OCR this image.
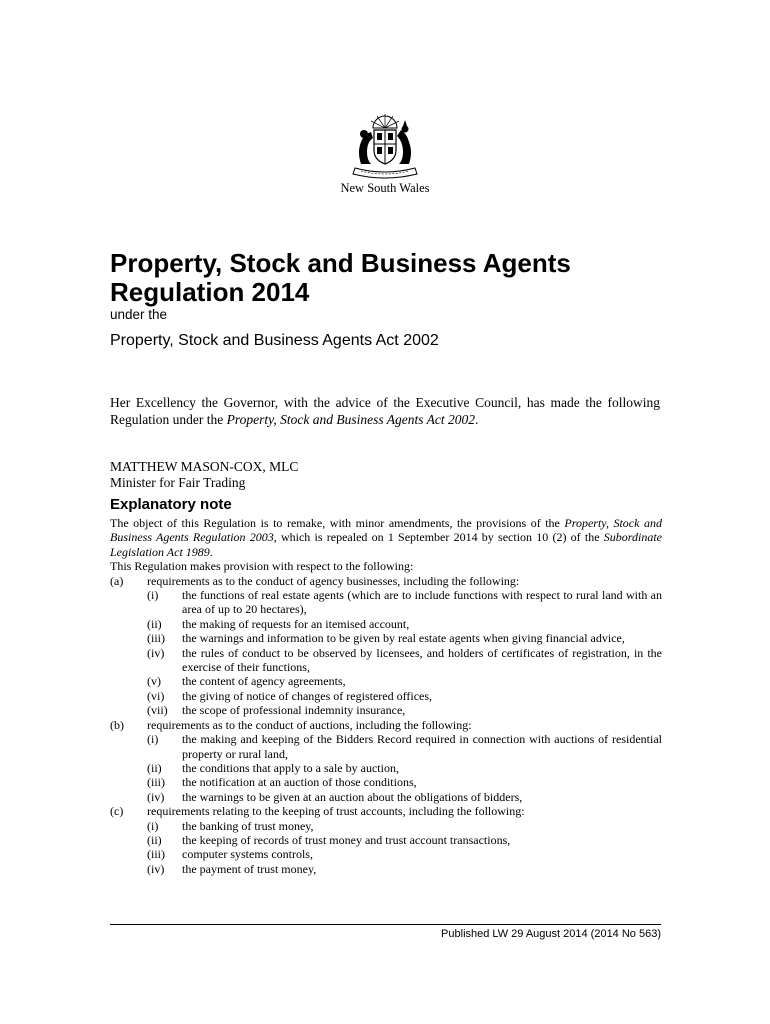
New South Wales
Property, Stock and Business Agents Regulation 2014
under the
Property, Stock and Business Agents Act 2002
Her Excellency the Governor, with the advice of the Executive Council, has made the following Regulation under the Property, Stock and Business Agents Act 2002.
MATTHEW MASON-COX, MLC
Minister for Fair Trading
Explanatory note

The object of this Regulation is to remake, with minor amendments, the provisions of the Property, Stock and Business Agents Regulation 2003, which is repealed on 1 September 2014 by section 10 (2) of the Subordinate Legislation Act 1989.

This Regulation makes provision with respect to the following:

(a)	requirements as to the conduct of agency businesses, including the following:
(i)	the functions of real estate agents (which are to include functions with respect to rural land with an area of up to 20 hectares),
(ii)	the making of requests for an itemised account,
(iii)	the warnings and information to be given by real estate agents when giving financial advice,
(iv)	the rules of conduct to be observed by licensees, and holders of certificates of registration, in the exercise of their functions,
(v)	the content of agency agreements,
(vi)	the giving of notice of changes of registered offices,
(vii)	the scope of professional indemnity insurance,
(b)	requirements as to the conduct of auctions, including the following:
(i)	the making and keeping of the Bidders Record required in connection with auctions of residential property or rural land,
(ii)	the conditions that apply to a sale by auction,
(iii)	the notification at an auction of those conditions,
(iv)	the warnings to be given at an auction about the obligations of bidders,
(c)	requirements relating to the keeping of trust accounts, including the following:
(i)	the banking of trust money,
(ii)	the keeping of records of trust money and trust account transactions,
(iii)	computer systems controls,
(iv)	the payment of trust money,
Published LW 29 August 2014 (2014 No 563)
